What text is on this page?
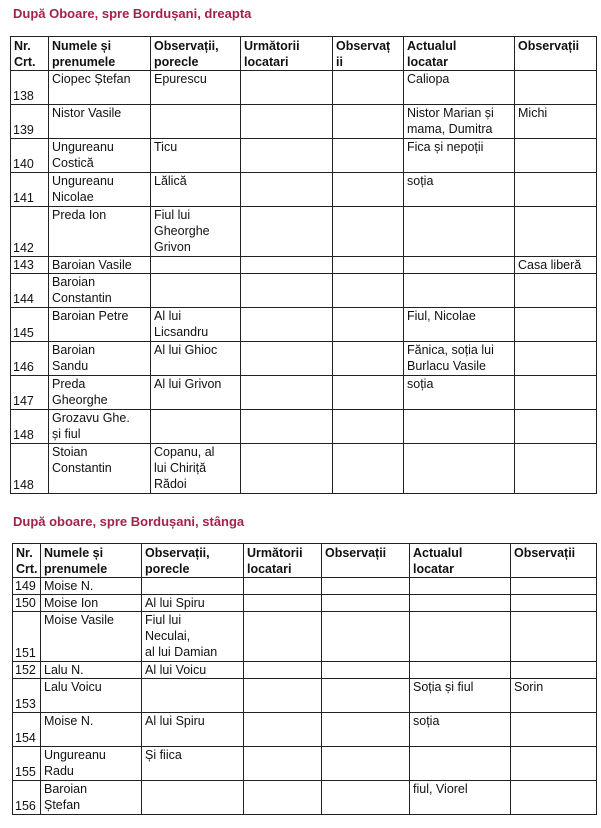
După Oboare, spre Bordușani, dreapta
Nr.
Crt.	Numele și
prenumele	Observații,
porecle	Următorii
locatari	Observaț
ii	Actualul
locatar	Observații
138	Ciopec Ștefan	Epurescu			Caliopa	
139	Nistor Vasile				Nistor Marian și
mama, Dumitra	Michi
140	Ungureanu
Costică	Ticu			Fica și nepoții	
141	Ungureanu
Nicolae	Lălică			soția	
142	Preda Ion	Fiul lui
Gheorghe
Grivon				
143	Baroian Vasile					Casa liberă
144	Baroian
Constantin					
145	Baroian Petre	Al lui
Licsandru			Fiul, Nicolae	
146	Baroian
Sandu	Al lui Ghioc			Fănica, soția lui
Burlacu Vasile	
147	Preda
Gheorghe	Al lui Grivon			soția	
148	Grozavu Ghe.
și fiul					
148	Stoian
Constantin	Copanu, al
lui Chiriță
Rădoi				
După oboare, spre Bordușani, stânga
Nr.
Crt.	Numele și
prenumele	Observații,
porecle	Următorii
locatari	Observații	Actualul
locatar	Observații
149	Moise N.					
150	Moise Ion	Al lui Spiru				
151	Moise Vasile	Fiul lui
Neculai,
al lui Damian				
152	Lalu N.	Al lui Voicu				
153	Lalu Voicu				Soția și fiul	Sorin
154	Moise N.	Al lui Spiru			soția	
155	Ungureanu
Radu	Și fiica				
156	Baroian
Ștefan				fiul, Viorel	
